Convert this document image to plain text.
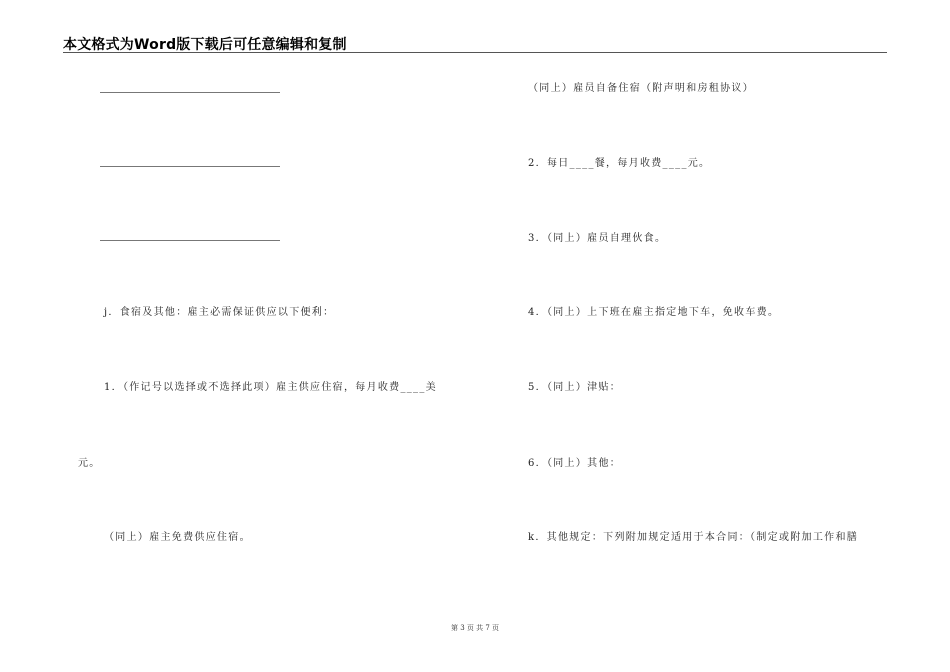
本文格式为Word版下载后可任意编辑和复制
j．食宿及其他：雇主必需保证供应以下便利：
1．（作记号以选择或不选择此项）雇主供应住宿，每月收费____美
元。
（同上）雇主免费供应住宿。
（同上）雇员自备住宿（附声明和房租协议）
2．每日____餐，每月收费____元。
3．（同上）雇员自理伙食。
4．（同上）上下班在雇主指定地下车，免收车费。
5．（同上）津贴：
6．（同上）其他：
k．其他规定：下列附加规定适用于本合同：（制定或附加工作和膳
第 3 页 共 7 页
